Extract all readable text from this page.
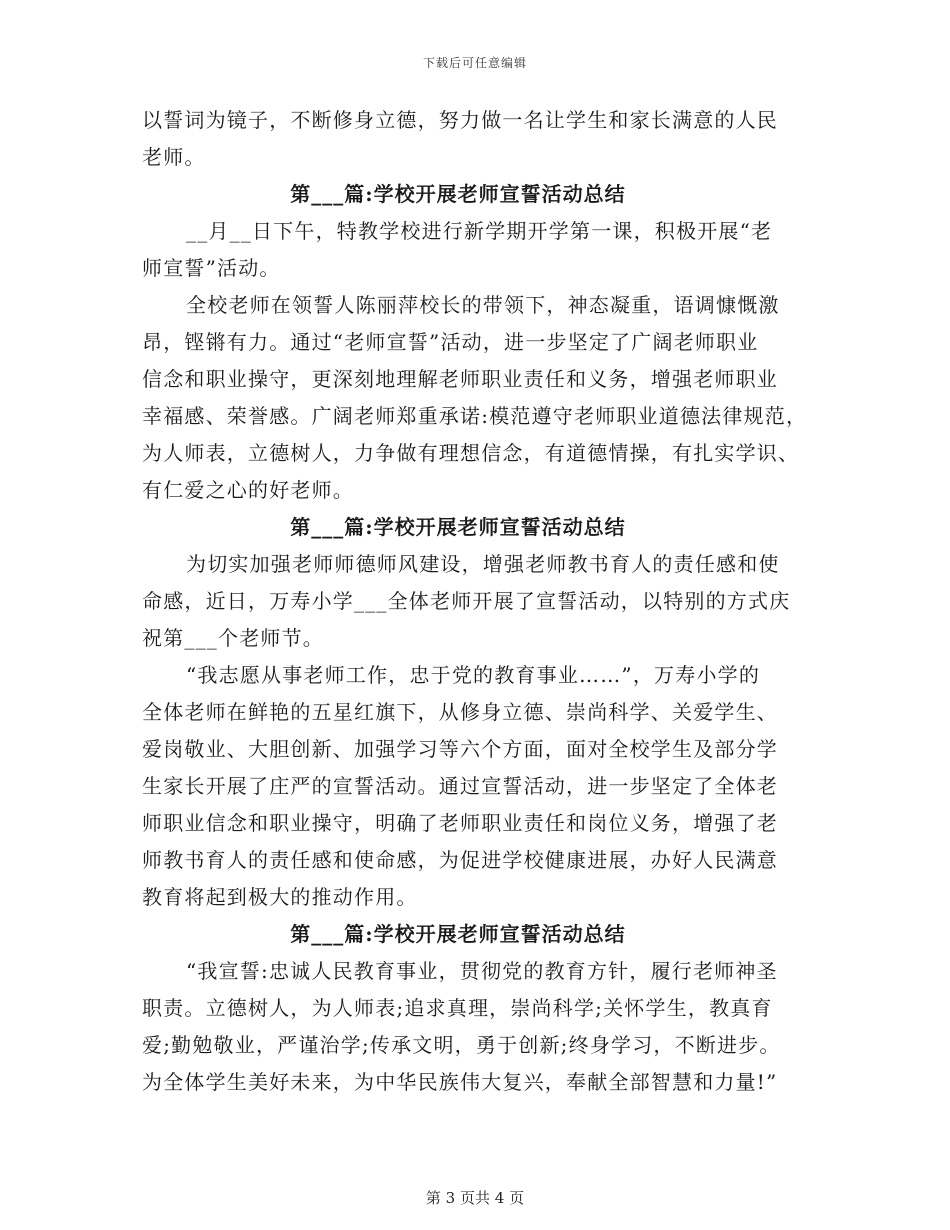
下载后可任意编辑
以誓词为镜子，不断修身立德，努力做一名让学生和家长满意的人民
老师。
第___篇:学校开展老师宣誓活动总结
__月__日下午，特教学校进行新学期开学第一课，积极开展“老
师宣誓”活动。
全校老师在领誓人陈丽萍校长的带领下，神态凝重，语调慷慨激
昂，铿锵有力。通过“老师宣誓”活动，进一步坚定了广阔老师职业
信念和职业操守，更深刻地理解老师职业责任和义务，增强老师职业
幸福感、荣誉感。广阔老师郑重承诺:模范遵守老师职业道德法律规范，
为人师表，立德树人，力争做有理想信念，有道德情操，有扎实学识、
有仁爱之心的好老师。
第___篇:学校开展老师宣誓活动总结
为切实加强老师师德师风建设，增强老师教书育人的责任感和使
命感，近日，万寿小学___全体老师开展了宣誓活动，以特别的方式庆
祝第___个老师节。
“我志愿从事老师工作，忠于党的教育事业……”，万寿小学的
全体老师在鲜艳的五星红旗下，从修身立德、崇尚科学、关爱学生、
爱岗敬业、大胆创新、加强学习等六个方面，面对全校学生及部分学
生家长开展了庄严的宣誓活动。通过宣誓活动，进一步坚定了全体老
师职业信念和职业操守，明确了老师职业责任和岗位义务，增强了老
师教书育人的责任感和使命感，为促进学校健康进展，办好人民满意
教育将起到极大的推动作用。
第___篇:学校开展老师宣誓活动总结
“我宣誓:忠诚人民教育事业，贯彻党的教育方针，履行老师神圣
职责。立德树人，为人师表;追求真理，崇尚科学;关怀学生，教真育
爱;勤勉敬业，严谨治学;传承文明，勇于创新;终身学习，不断进步。
为全体学生美好未来，为中华民族伟大复兴，奉献全部智慧和力量!”
第 3 页共 4 页
